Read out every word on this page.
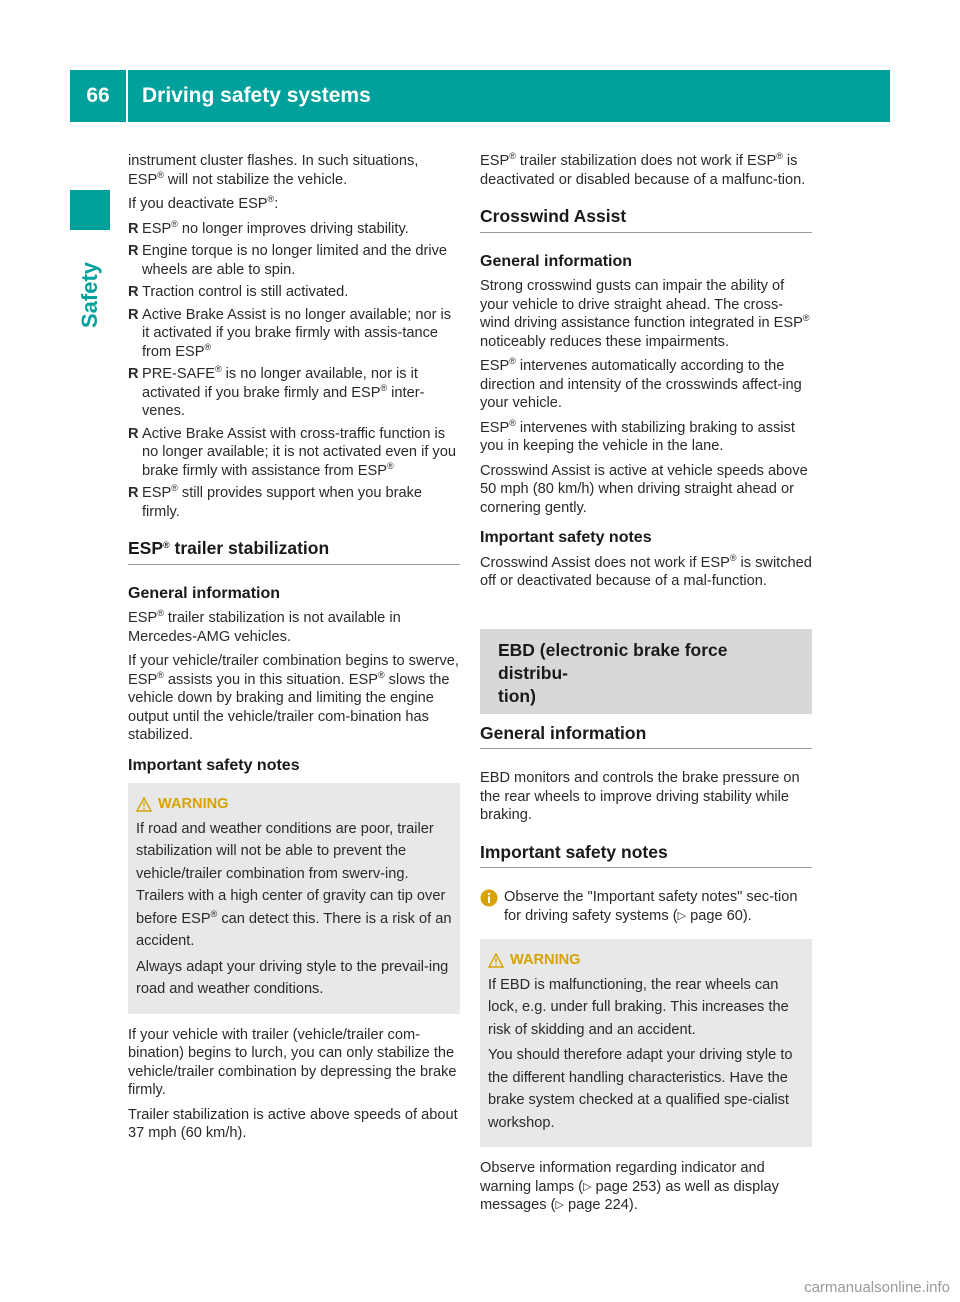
66	Driving safety systems
Safety

instrument cluster flashes. In such situations,
ESP® will not stabilize the vehicle.

If you deactivate ESP®:

R ESP® no longer improves driving stability.
R Engine torque is no longer limited and the drive wheels are able to spin.
R Traction control is still activated.
R Active Brake Assist is no longer available; nor is it activated if you brake firmly with assis-tance from ESP®
R PRE-SAFE® is no longer available, nor is it activated if you brake firmly and ESP® inter-venes.
R Active Brake Assist with cross-traffic function is no longer available; it is not activated even if you brake firmly with assistance from ESP®
R ESP® still provides support when you brake firmly.
ESP® trailer stabilization
General information

ESP® trailer stabilization is not available in Mercedes-AMG vehicles.

If your vehicle/trailer combination begins to swerve, ESP® assists you in this situation. ESP® slows the vehicle down by braking and limiting the engine output until the vehicle/trailer com-bination has stabilized.

Important safety notes
WARNING

If road and weather conditions are poor, trailer stabilization will not be able to prevent the vehicle/trailer combination from swerv-ing. Trailers with a high center of gravity can tip over before ESP® can detect this. There is a risk of an accident.

Always adapt your driving style to the prevail-ing road and weather conditions.

If your vehicle with trailer (vehicle/trailer com-bination) begins to lurch, you can only stabilize the vehicle/trailer combination by depressing the brake firmly.

Trailer stabilization is active above speeds of about 37 mph (60 km/h).

ESP® trailer stabilization does not work if ESP® is deactivated or disabled because of a malfunc-tion.

Crosswind Assist
General information

Strong crosswind gusts can impair the ability of your vehicle to drive straight ahead. The cross-wind driving assistance function integrated in ESP® noticeably reduces these impairments.

ESP® intervenes automatically according to the direction and intensity of the crosswinds affect-ing your vehicle.

ESP® intervenes with stabilizing braking to assist you in keeping the vehicle in the lane.

Crosswind Assist is active at vehicle speeds above 50 mph (80 km/h) when driving straight ahead or cornering gently.

Important safety notes

Crosswind Assist does not work if ESP® is switched off or deactivated because of a mal-function.

EBD (electronic brake force distribu-
tion)
General information

EBD monitors and controls the brake pressure on the rear wheels to improve driving stability while braking.

Important safety notes
Observe the "Important safety notes" sec-tion for driving safety systems (▷ page 60).
WARNING

If EBD is malfunctioning, the rear wheels can lock, e.g. under full braking. This increases the risk of skidding and an accident.

You should therefore adapt your driving style to the different handling characteristics. Have the brake system checked at a qualified spe-cialist workshop.

Observe information regarding indicator and warning lamps (▷ page 253) as well as display messages (▷ page 224).

carmanualsonline.info
